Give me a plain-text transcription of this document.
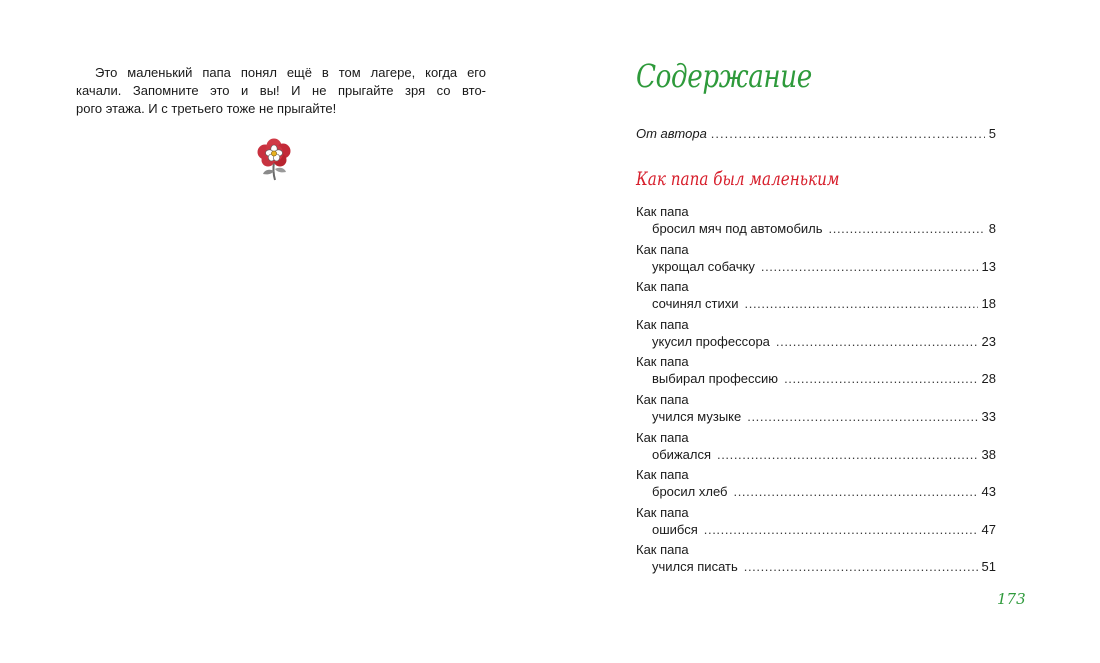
Это маленький папа понял ещё в том лагере, когда его
качали. Запомните это и вы! И не прыгайте зря со вто-
рого этажа. И с третьего тоже не прыгайте!

Содержание
От автора .....	5
Как папа был маленьким
Как папа
бросил мяч под автомобиль .....	8
Как папа
укрощал собачку .....	13
Как папа
сочинял стихи .....	18
Как папа
укусил профессора .....	23
Как папа
выбирал профессию .....	28
Как папа
учился музыке .....	33
Как папа
обижался .....	38
Как папа
бросил хлеб .....	43
Как папа
ошибся .....	47
Как папа
учился писать .....	51
173
